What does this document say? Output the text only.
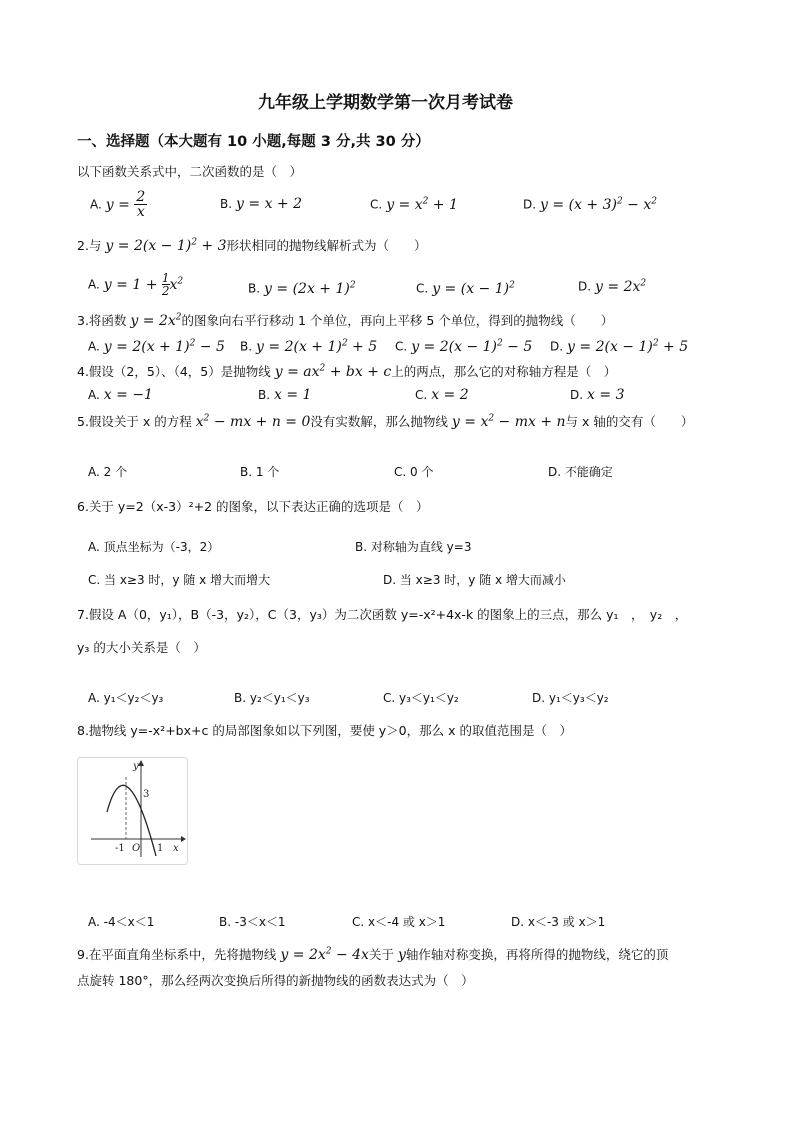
九年级上学期数学第一次月考试卷
一、选择题（本大题有 10 小题,每题 3 分,共 30 分）
以下函数关系式中，二次函数的是（　）
A. $y = \frac{2}{x}$	B. y = x + 2	C. $y = x^2 + 1$	D. $y = (x + 3)^2 - x^2$
2.与 $y = 2(x - 1)^2 + 3$形状相同的抛物线解析式为（　　）
A. $y = 1 + \frac{1}{2} x^2$
B. $y = (2x + 1)^2$	C. $y = (x - 1)^2$	D. $y = 2x^2$
3.将函数 $y = 2x^2$的图象向右平行移动 1 个单位，再向上平移 5 个单位，得到的抛物线（　　）
A. $y = 2(x + 1)^2 - 5$ B. $y = 2(x + 1)^2 + 5$ C. $y = 2(x - 1)^2 - 5$ D. $y = 2(x - 1)^2 + 5$
4.假设（2，5）、（4，5）是抛物线 $y = ax^2$ + bx + c上的两点，那么它的对称轴方程是（　）
A. x = −1	B. x = 1	C. x = 2	D. x = 3
5.假设关于 x 的方程 $x^2$ − mx + n = 0没有实数解，那么抛物线 $y = x^2$ − mx + n与 x 轴的交有（　　）
A. 2 个	B. 1 个	C. 0 个	D. 不能确定
6.关于 y=2（x-3）²+2 的图象，以下表达正确的选项是（　）
A. 顶点坐标为（-3，2）	B. 对称轴为直线 y=3
C. 当 x≥3 时，y 随 x 增大而增大	D. 当 x≥3 时，y 随 x 增大而减小
7.假设 A（0，y₁），B（-3，y₂），C（3，y₃）为二次函数 y=-x²+4x-k 的图象上的三点，那么 y₁　，　y₂　，
y₃ 的大小关系是（　）
A. y₁＜y₂＜y₃	B. y₂＜y₁＜y₃	C. y₃＜y₁＜y₂	D. y₁＜y₃＜y₂
8.抛物线 y=-x²+bx+c 的局部图象如以下列图，要使 y＞0，那么 x 的取值范围是（　）
y
x
3
O
-1	1
A. -4＜x＜1	B. -3＜x＜1	C. x＜-4 或 x＞1	D. x＜-3 或 x＞1
9.在平面直角坐标系中，先将抛物线 $y = 2x^2 - 4x$关于 y轴作轴对称变换，再将所得的抛物线，绕它的顶
点旋转 180°，那么经两次变换后所得的新抛物线的函数表达式为（　）
